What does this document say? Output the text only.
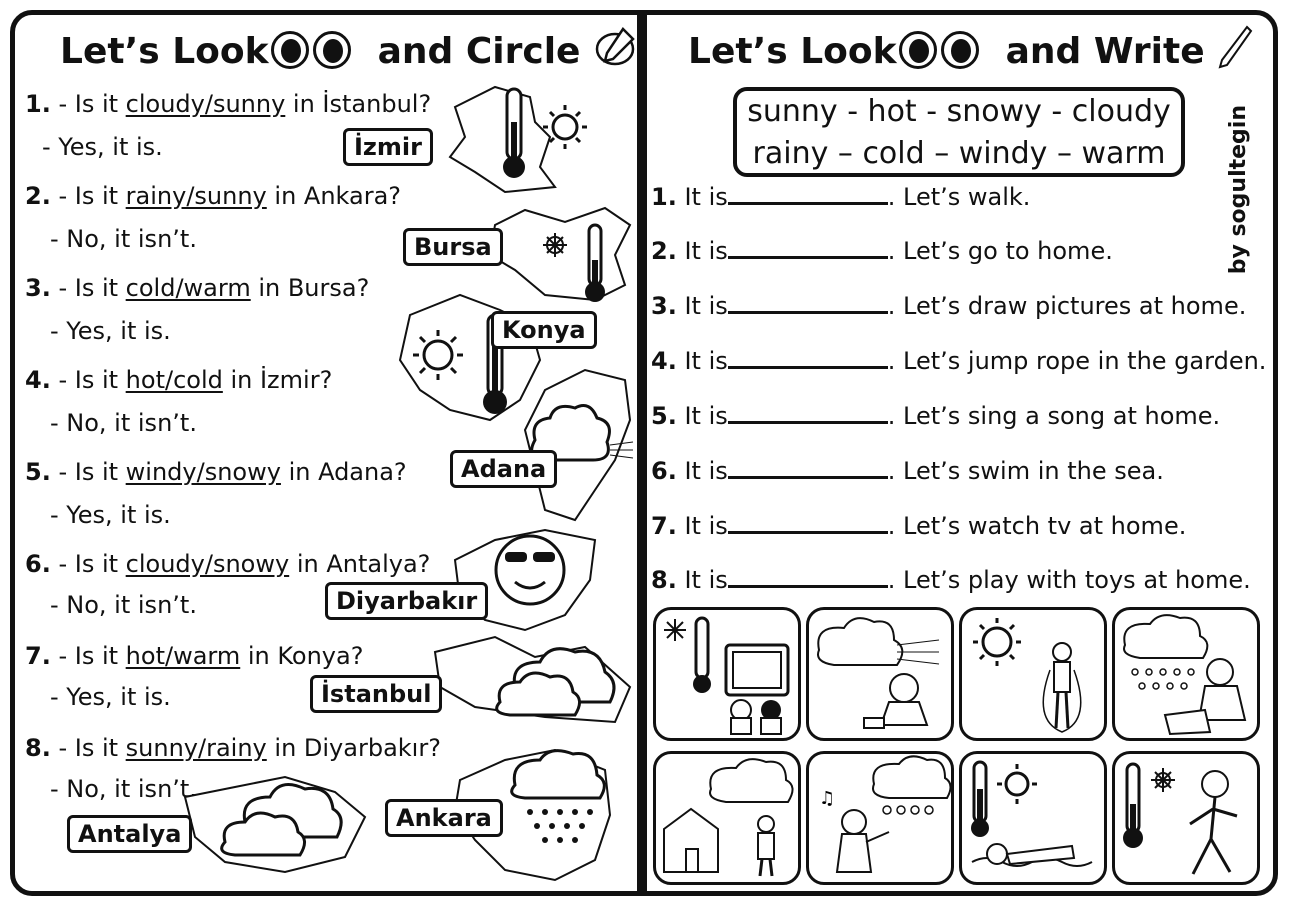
Let’s Look	and Circle
1. - Is it cloudy/sunny in İstanbul?
- Yes, it is.
2. - Is it rainy/sunny in Ankara?
- No, it isn’t.
3. - Is it cold/warm in Bursa?
- Yes, it is.
4. - Is it hot/cold in İzmir?
- No, it isn’t.
5. - Is it windy/snowy in Adana?
- Yes, it is.
6. - Is it cloudy/snowy in Antalya?
- No, it isn’t.
7. - Is it hot/warm in Konya?
- Yes, it is.
8. - Is it sunny/rainy in Diyarbakır?
- No, it isn’t.
İzmir
Bursa
Konya
Adana
Diyarbakır
İstanbul
Antalya
Ankara
Let’s Look	and Write
sunny - hot - snowy - cloudy
rainy – cold – windy – warm	by sogultegin
1. It is	. Let’s walk.
2. It is	. Let’s go to home.
3. It is	. Let’s draw pictures at home.
4. It is	. Let’s jump rope in the garden.
5. It is	. Let’s sing a song at home.
6. It is	. Let’s swim in the sea.
7. It is	. Let’s watch tv at home.
8. It is	. Let’s play with toys at home.
♫
